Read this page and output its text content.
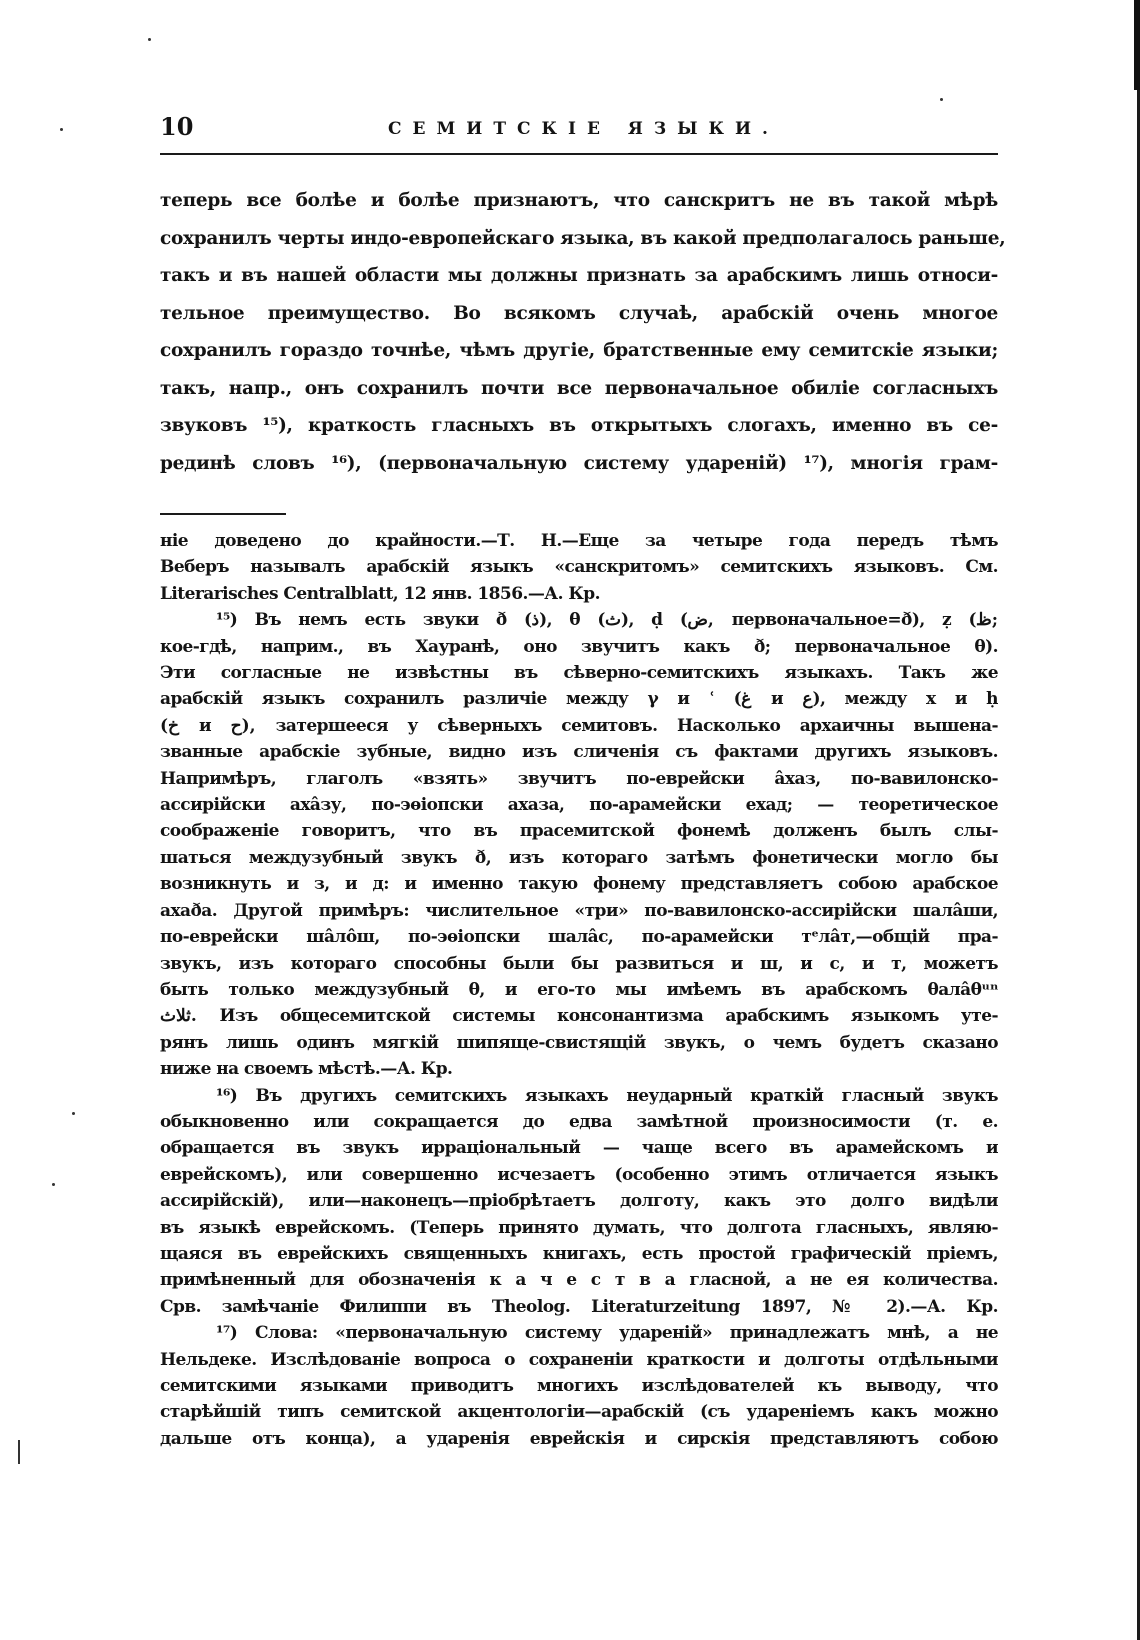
10	СЕМИТСКІЕ ЯЗЫКИ.
теперь все болѣе и болѣе признаютъ, что санскритъ не въ такой мѣрѣ
сохранилъ черты индо-европейскаго языка, въ какой предполагалось раньше,
такъ и въ нашей области мы должны признать за арабскимъ лишь относи-
тельное преимущество. Во всякомъ случаѣ, арабскій очень многое
сохранилъ гораздо точнѣе, чѣмъ другіе, братственные ему семитскіе языки;
такъ, напр., онъ сохранилъ почти все первоначальное обиліе согласныхъ
звуковъ ¹⁵), краткость гласныхъ въ открытыхъ слогахъ, именно въ се-
рединѣ словъ ¹⁶), (первоначальную систему удареній) ¹⁷), многія грам-
ніе доведено до крайности.—Т. Н.—Еще за четыре года передъ тѣмъ
Веберъ называлъ арабскій языкъ «санскритомъ» семитскихъ языковъ. См.
Literarisches Centralblatt, 12 янв. 1856.—А. Кр.
¹⁵) Въ немъ есть звуки ð (ذ), θ (ث), ḍ (ض, первоначальное=ð), ẓ (ظ;
кое-гдѣ, наприм., въ Хауранѣ, оно звучитъ какъ ð; первоначальное θ).
Эти согласные не извѣстны въ сѣверно-семитскихъ языкахъ. Такъ же
арабскій языкъ сохранилъ различіе между γ и ʿ (غ и ع), между х и ḥ
(خ и ح), затершееся у сѣверныхъ семитовъ. Насколько архаичны вышена-
званные арабскіе зубные, видно изъ сличенія съ фактами другихъ языковъ.
Напримѣръ, глаголъ «взять» звучитъ по-еврейски âхаз, по-вавилонско-
ассирійски ахâзу, по-эѳіопски ахаза, по-арамейски ехад; — теоретическое
соображеніе говоритъ, что въ прасемитской фонемѣ долженъ былъ слы-
шаться междузубный звукъ ð, изъ котораго затѣмъ фонетически могло бы
возникнуть и з, и д: и именно такую фонему представляетъ собою арабское
ахаða. Другой примѣръ: числительное «три» по-вавилонско-ассирійски шалâши,
по-еврейски шâлôш, по-эѳіопски шалâс, по-арамейски тᵉлâт,—общій пра-
звукъ, изъ котораго способны были бы развиться и ш, и с, и т, можетъ
быть только междузубный θ, и его-то мы имѣемъ въ арабскомъ θалâθᵘⁿ
ثلاث. Изъ общесемитской системы консонантизма арабскимъ языкомъ уте-
рянъ лишь одинъ мягкій шипяще-свистящій звукъ, о чемъ будетъ сказано
ниже на своемъ мѣстѣ.—А. Кр.
¹⁶) Въ другихъ семитскихъ языкахъ неударный краткій гласный звукъ
обыкновенно или сокращается до едва замѣтной произносимости (т. е.
обращается въ звукъ ирраціональный — чаще всего въ арамейскомъ и
еврейскомъ), или совершенно исчезаетъ (особенно этимъ отличается языкъ
ассирійскій), или—наконецъ—пріобрѣтаетъ долготу, какъ это долго видѣли
въ языкѣ еврейскомъ. (Теперь принято думать, что долгота гласныхъ, являю-
щаяся въ еврейскихъ священныхъ книгахъ, есть простой графическій пріемъ,
примѣненный для обозначенія к а ч е с т в а гласной, а не ея количества.
Срв. замѣчаніе Филиппи въ Theolog. Literaturzeitung 1897, № 2).—А. Кр.
¹⁷) Слова: «первоначальную систему удареній» принадлежатъ мнѣ, а не
Нельдеке. Изслѣдованіе вопроса о сохраненіи краткости и долготы отдѣльными
семитскими языками приводитъ многихъ изслѣдователей къ выводу, что
старѣйшій типъ семитской акцентологіи—арабскій (съ удареніемъ какъ можно
дальше отъ конца), а ударенія еврейскія и сирскія представляютъ собою
